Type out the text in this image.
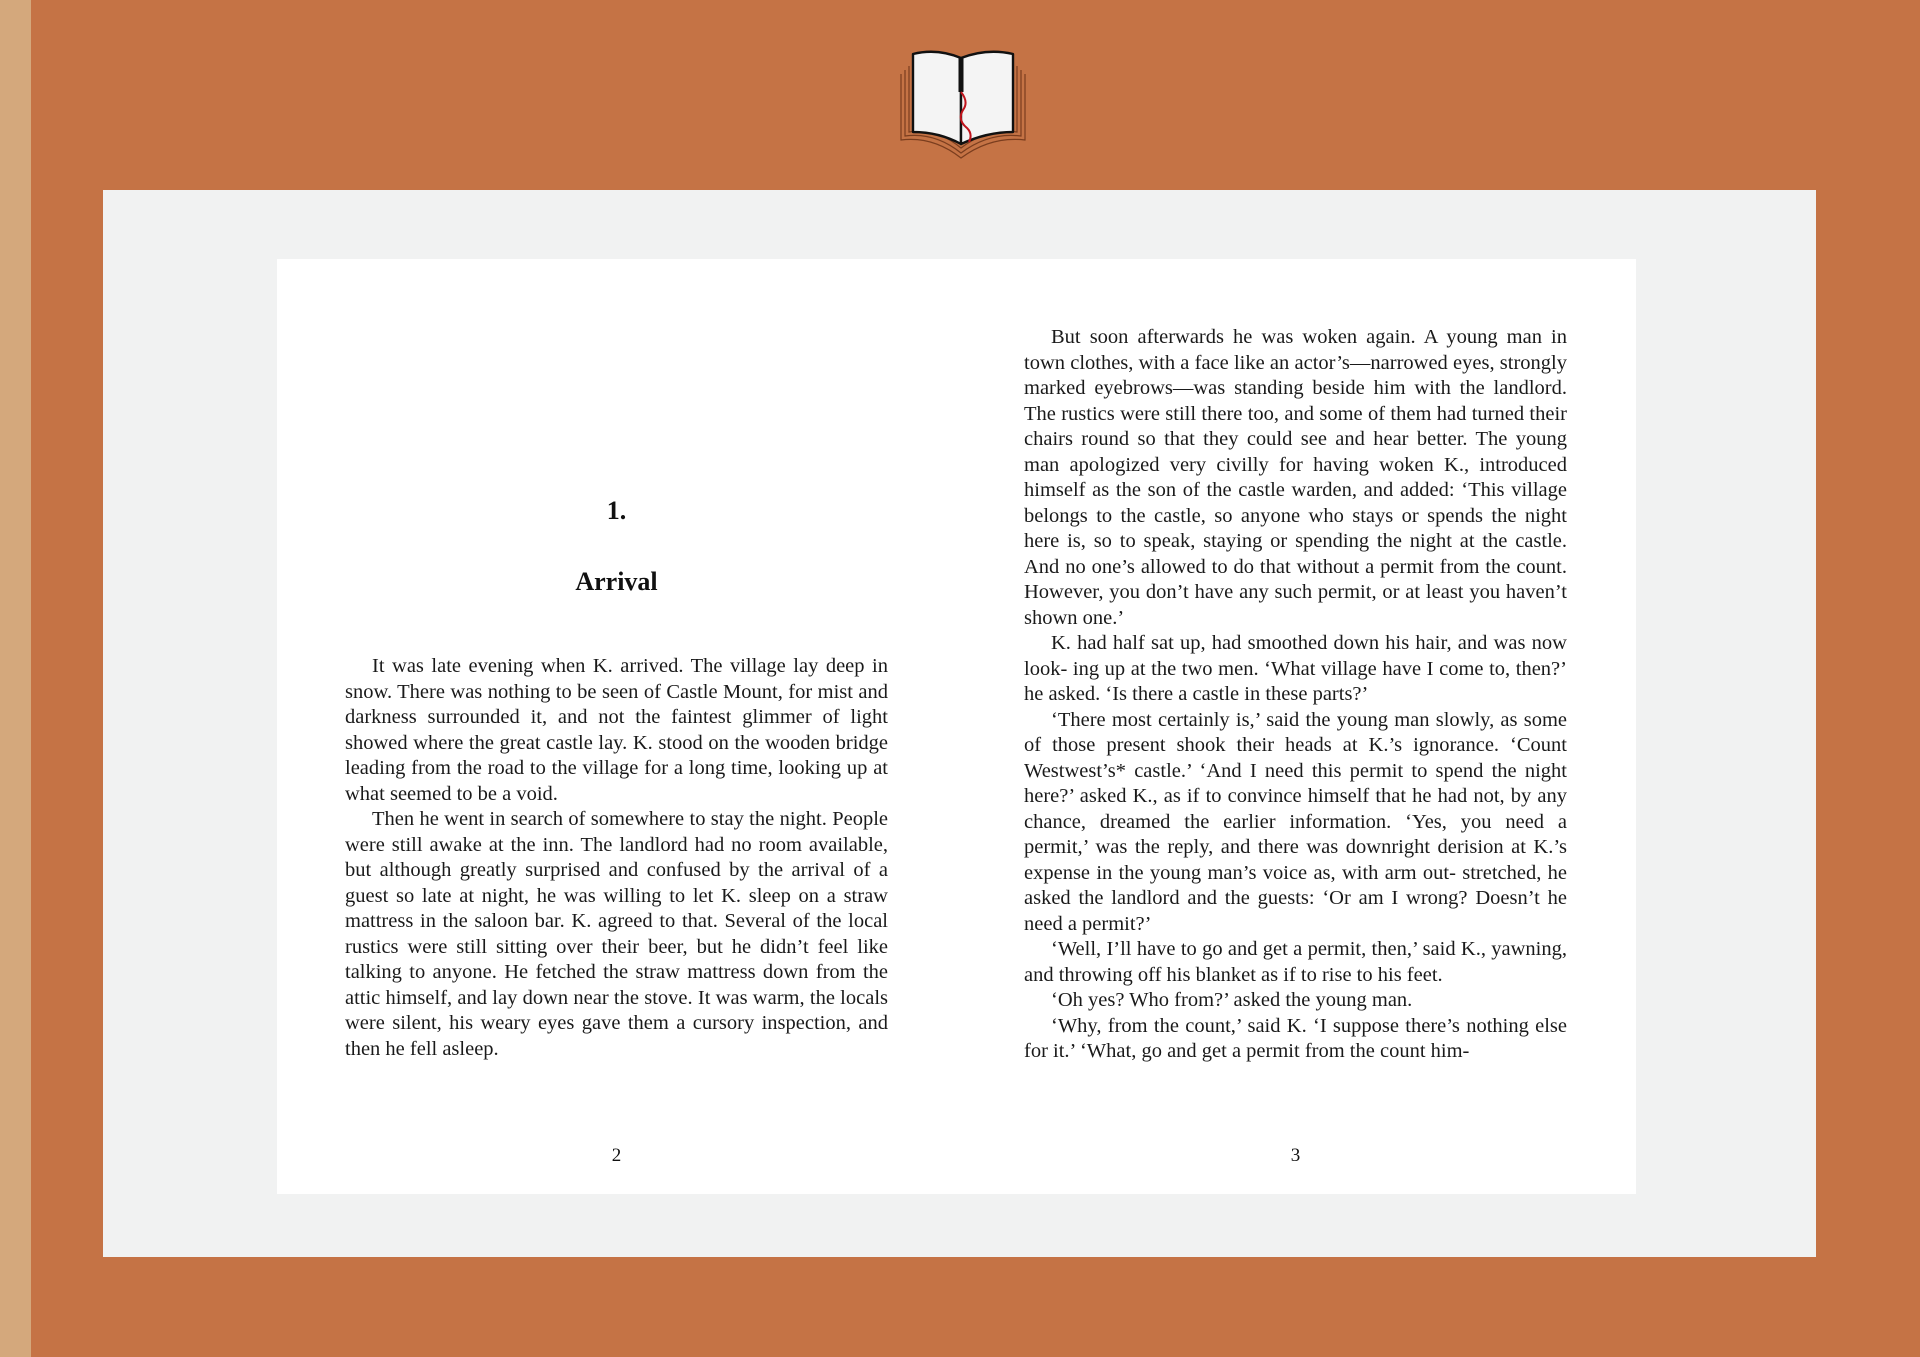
1.
Arrival

It was late evening when K. arrived. The village lay deep in snow. There was nothing to be seen of Castle Mount, for mist and darkness surrounded it, and not the faintest glimmer of light showed where the great castle lay. K. stood on the wooden bridge leading from the road to the village for a long time, looking up at what seemed to be a void.

Then he went in search of somewhere to stay the night. People were still awake at the inn. The landlord had no room available, but although greatly surprised and confused by the arrival of a guest so late at night, he was willing to let K. sleep on a straw mattress in the saloon bar. K. agreed to that. Several of the local rustics were still sitting over their beer, but he didn’t feel like talking to anyone. He fetched the straw mattress down from the attic himself, and lay down near the stove. It was warm, the locals were silent, his weary eyes gave them a cursory inspection, and then he fell asleep.

2

But soon afterwards he was woken again. A young man in town clothes, with a face like an actor’s—narrowed eyes, strongly marked eyebrows—was standing beside him with the landlord. The rustics were still there too, and some of them had turned their chairs round so that they could see and hear better. The young man apologized very civilly for having woken K., introduced himself as the son of the castle warden, and added: ‘This village belongs to the castle, so anyone who stays or spends the night here is, so to speak, staying or spending the night at the castle. And no one’s allowed to do that without a permit from the count. However, you don’t have any such permit, or at least you haven’t shown one.’

K. had half sat up, had smoothed down his hair, and was now look- ing up at the two men. ‘What village have I come to, then?’ he asked. ‘Is there a castle in these parts?’

‘There most certainly is,’ said the young man slowly, as some of those present shook their heads at K.’s ignorance. ‘Count Westwest’s* castle.’ ‘And I need this permit to spend the night here?’ asked K., as if to convince himself that he had not, by any chance, dreamed the earlier information. ‘Yes, you need a permit,’ was the reply, and there was downright derision at K.’s expense in the young man’s voice as, with arm out- stretched, he asked the landlord and the guests: ‘Or am I wrong? Doesn’t he need a permit?’

‘Well, I’ll have to go and get a permit, then,’ said K., yawning, and throwing off his blanket as if to rise to his feet.

‘Oh yes? Who from?’ asked the young man.

‘Why, from the count,’ said K. ‘I suppose there’s nothing else for it.’ ‘What, go and get a permit from the count him-

3
